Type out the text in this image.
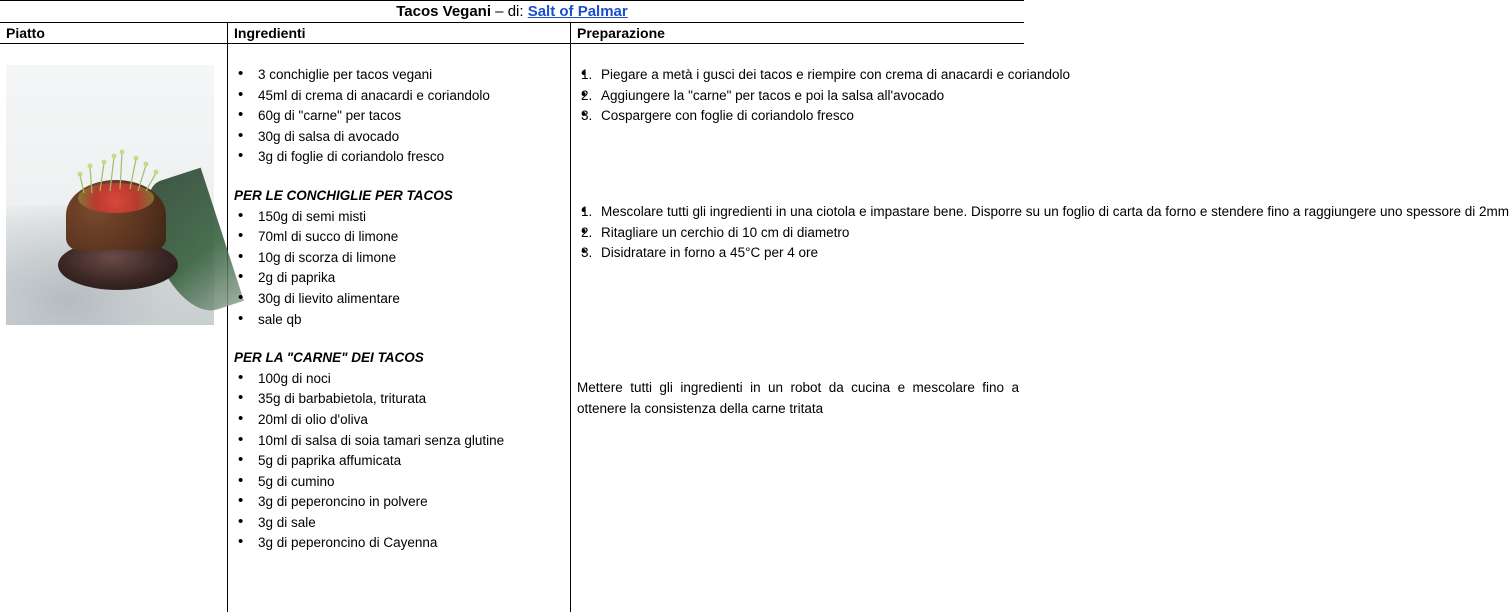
Tacos Vegani – di: Salt of Palmar
Piatto	Ingredienti	Preparazione
• 3 conchiglie per tacos vegani
• 45ml di crema di anacardi e coriandolo
• 60g di "carne" per tacos
• 30g di salsa di avocado
• 3g di foglie di coriandolo fresco

PER LE CONCHIGLIE PER TACOS

• 150g di semi misti
• 70ml di succo di limone
• 10g di scorza di limone
• 2g di paprika
• 30g di lievito alimentare
• sale qb

PER LA "CARNE" DEI TACOS

• 100g di noci
• 35g di barbabietola, triturata
• 20ml di olio d'oliva
• 10ml di salsa di soia tamari senza glutine
• 5g di paprika affumicata
• 5g di cumino
• 3g di peperoncino in polvere
• 3g di sale
• 3g di peperoncino di Cayenna
• 1. Piegare a metà i gusci dei tacos e riempire con crema di anacardi e coriandolo
• 2. Aggiungere la "carne" per tacos e poi la salsa all'avocado
• 3. Cospargere con foglie di coriandolo fresco
• 1. Mescolare tutti gli ingredienti in una ciotola e impastare bene. Disporre su un foglio di carta da forno e stendere fino a raggiungere uno spessore di 2mm
• 2. Ritagliare un cerchio di 10 cm di diametro
• 3. Disidratare in forno a 45°C per 4 ore

Mettere tutti gli ingredienti in un robot da cucina e mescolare fino a ottenere la consistenza della carne tritata
